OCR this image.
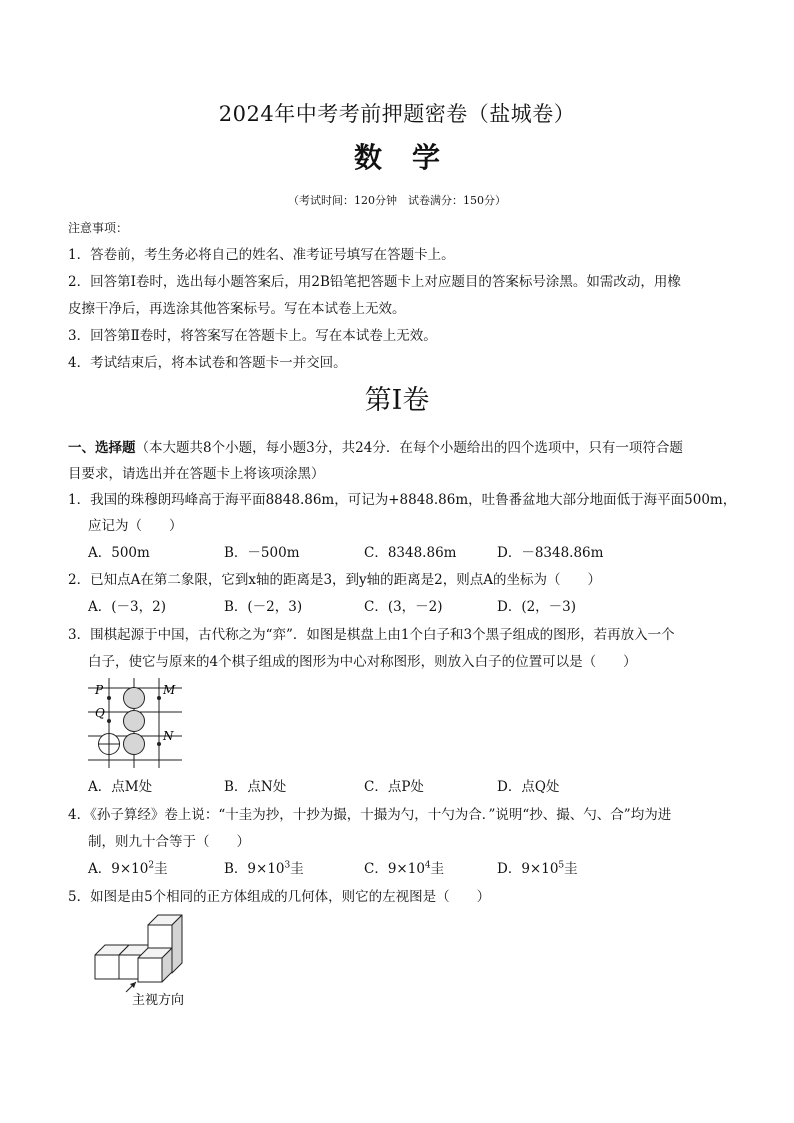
2024年中考考前押题密卷（盐城卷）
数学
（考试时间：120分钟　试卷满分：150分）
注意事项：
1．答卷前，考生务必将自己的姓名、准考证号填写在答题卡上。
2．回答第Ⅰ卷时，选出每小题答案后，用2B铅笔把答题卡上对应题目的答案标号涂黑。如需改动，用橡
皮擦干净后，再选涂其他答案标号。写在本试卷上无效。
3．回答第Ⅱ卷时，将答案写在答题卡上。写在本试卷上无效。
4．考试结束后，将本试卷和答题卡一并交回。
第Ⅰ卷
一、选择题（本大题共8个小题，每小题3分，共24分．在每个小题给出的四个选项中，只有一项符合题
目要求，请选出并在答题卡上将该项涂黑）
1．我国的珠穆朗玛峰高于海平面8848.86m，可记为+8848.86m，吐鲁番盆地大部分地面低于海平面500m，
应记为（　　）
A．500m	B．－500m	C．8348.86m	D．－8348.86m
2．已知点A在第二象限，它到x轴的距离是3，到y轴的距离是2，则点A的坐标为（　　）
A．(－3，2)	B．(－2，3)	C．(3，－2)	D．(2，－3)
3．围棋起源于中国，古代称之为“弈”．如图是棋盘上由1个白子和3个黑子组成的图形，若再放入一个
白子，使它与原来的4个棋子组成的图形为中心对称图形，则放入白子的位置可以是（　　）
P	M
Q
N
A．点M处	B．点N处	C．点P处	D．点Q处
4．《孙子算经》卷上说：“十圭为抄，十抄为撮，十撮为勺，十勺为合．”说明“抄、撮、勺、合”均为进
制，则九十合等于（　　）
A．$9\times 10^2$圭	B．$9\times 10^3$圭	C．$9\times 10^4$圭	D．$9\times 10^5$圭
5．如图是由5个相同的正方体组成的几何体，则它的左视图是（　　）
主视方向
